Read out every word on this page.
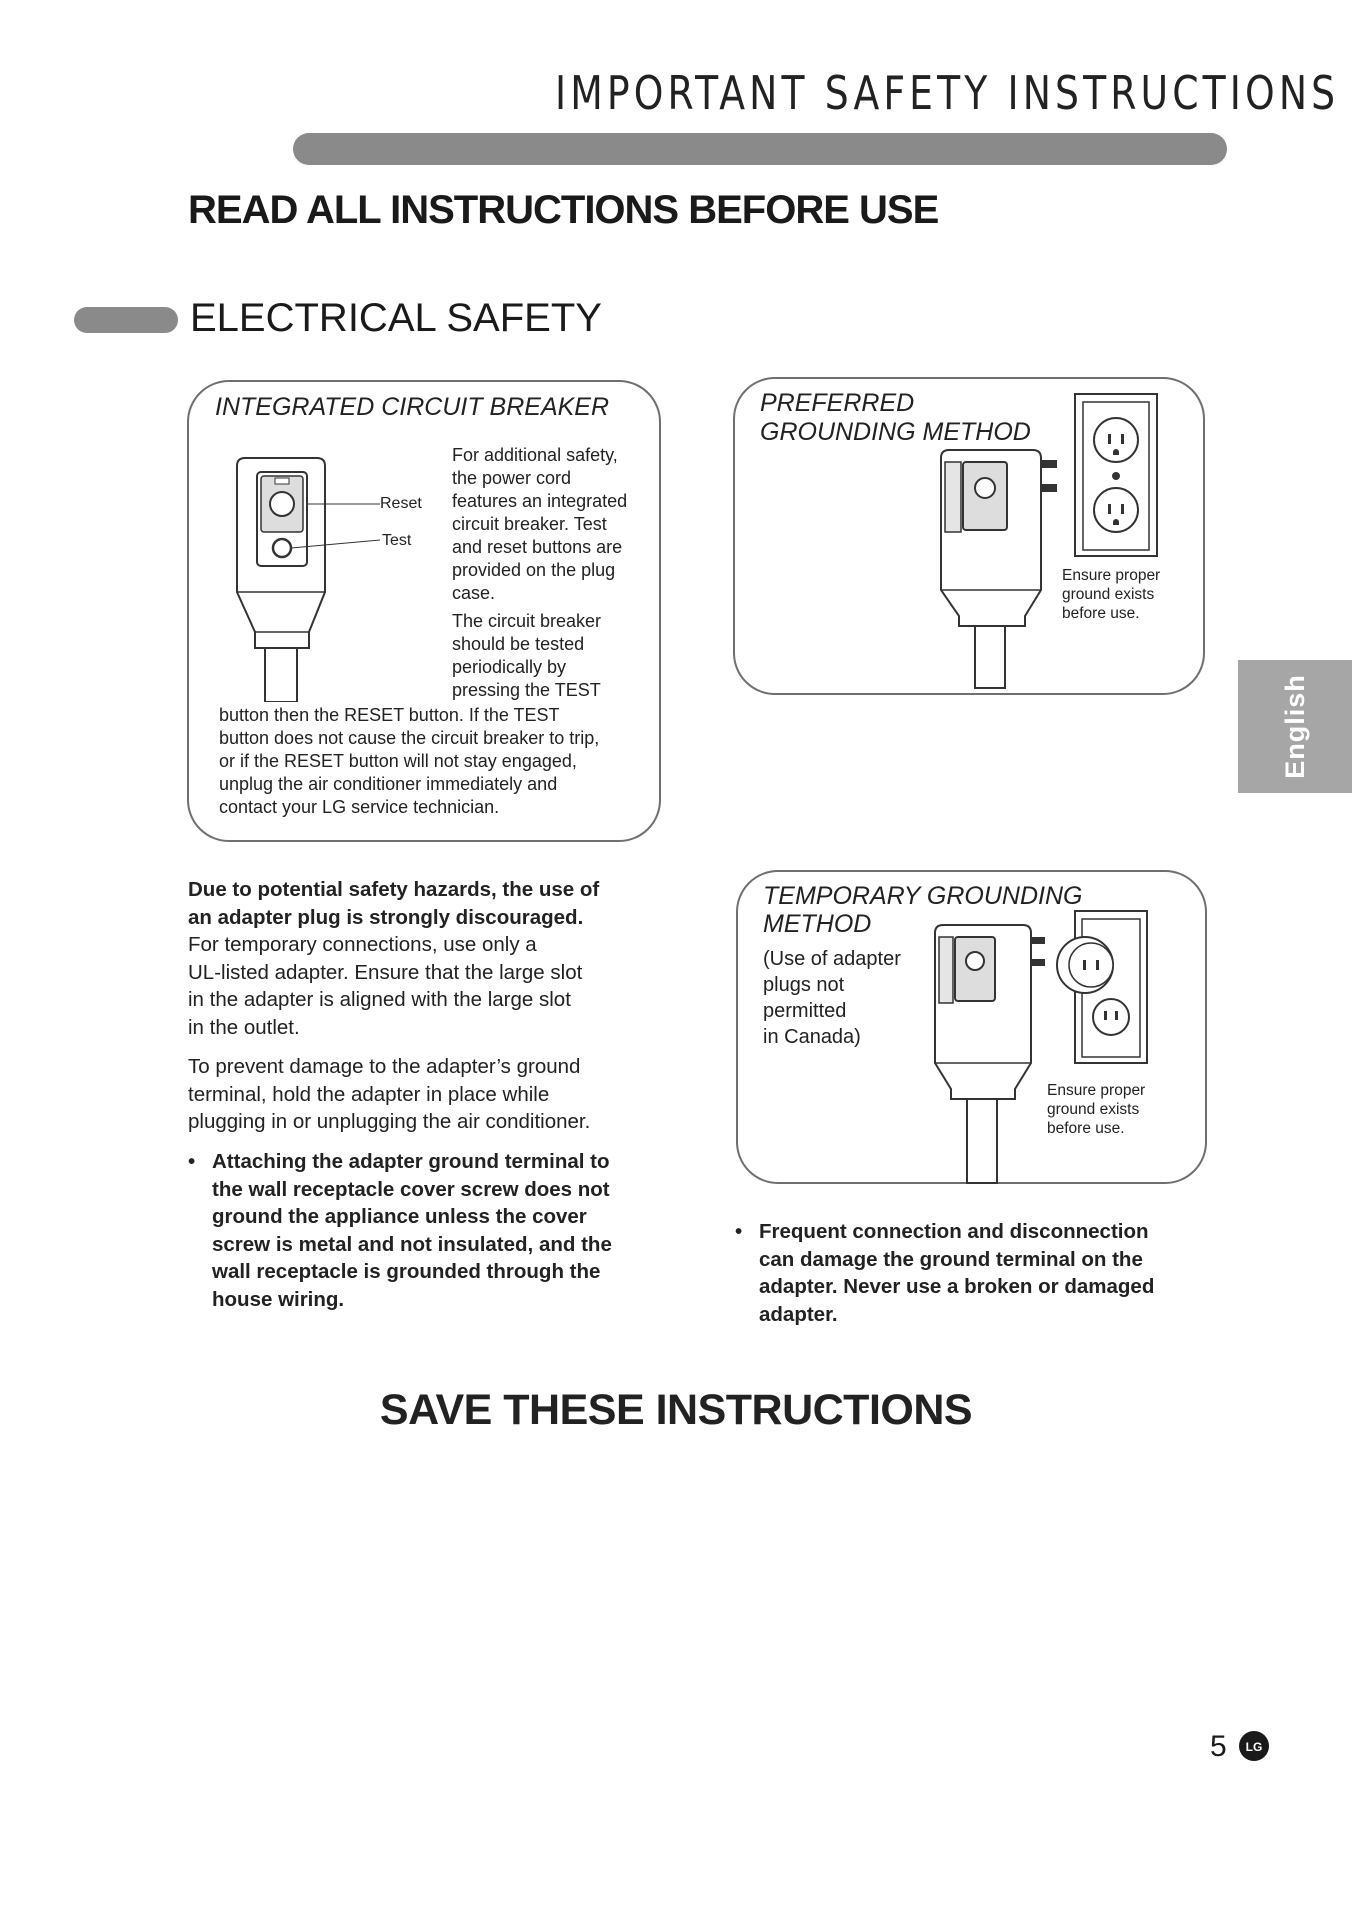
IMPORTANT SAFETY INSTRUCTIONS
READ ALL INSTRUCTIONS BEFORE USE
ELECTRICAL SAFETY
INTEGRATED CIRCUIT BREAKER
Reset
Test
For additional safety,
the power cord
features an integrated
circuit breaker. Test
and reset buttons are
provided on the plug
case.
The circuit breaker
should be tested
periodically by
pressing the TEST
button then the RESET button. If the TEST
button does not cause the circuit breaker to trip,
or if the RESET button will not stay engaged,
unplug the air conditioner immediately and
contact your LG service technician.
PREFERRED
GROUNDING METHOD
Ensure proper
ground exists
before use.
TEMPORARY GROUNDING
METHOD
(Use of adapter
plugs not
permitted
in Canada)
Ensure proper
ground exists
before use.
Due to potential safety hazards, the use of
an adapter plug is strongly discouraged.
For temporary connections, use only a
UL-listed adapter. Ensure that the large slot
in the adapter is aligned with the large slot
in the outlet.
To prevent damage to the adapter’s ground
terminal, hold the adapter in place while
plugging in or unplugging the air conditioner.
• Attaching the adapter ground terminal to
the wall receptacle cover screw does not
ground the appliance unless the cover
screw is metal and not insulated, and the
wall receptacle is grounded through the
house wiring.
• Frequent connection and disconnection
can damage the ground terminal on the
adapter. Never use a broken or damaged
adapter.
SAVE THESE INSTRUCTIONS
English
5 LG
